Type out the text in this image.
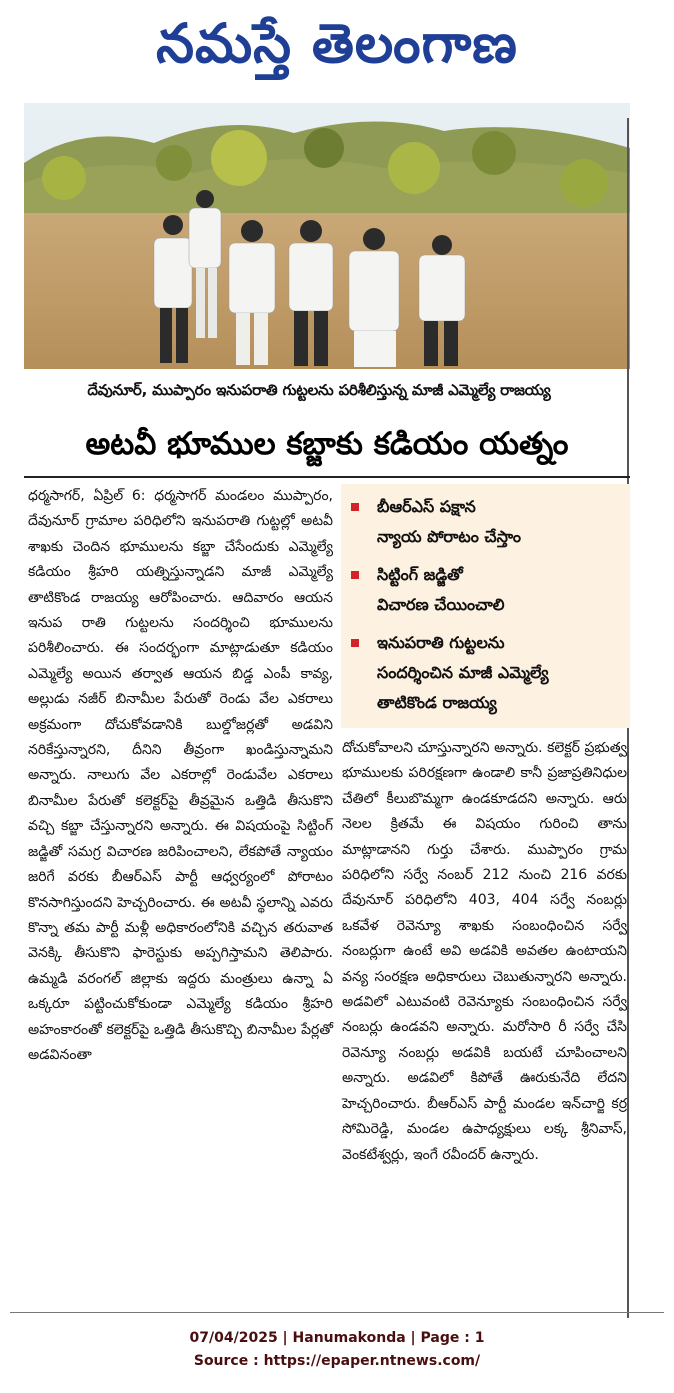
నమస్తే తెలంగాణ
దేవునూర్, ముప్పారం ఇనుపరాతి గుట్టలను పరిశీలిస్తున్న మాజీ ఎమ్మెల్యే రాజయ్య
అటవీ భూముల కబ్జాకు కడియం యత్నం
ధర్మసాగర్, ఏప్రిల్ 6: ధర్మసాగర్ మండలం ముప్పారం, దేవునూర్ గ్రామాల పరిధిలోని ఇనుపరాతి గుట్టల్లో అటవీ శాఖకు చెందిన భూములను కబ్జా చేసేందుకు ఎమ్మెల్యే కడియం శ్రీహరి యత్నిస్తున్నాడని మాజీ ఎమ్మెల్యే తాటికొండ రాజయ్య ఆరోపించారు. ఆదివారం ఆయన ఇనుప రాతి గుట్టలను సందర్శించి భూములను పరిశీలించారు. ఈ సందర్భంగా మాట్లాడుతూ కడియం ఎమ్మెల్యే అయిన తర్వాత ఆయన బిడ్డ ఎంపీ కావ్య, అల్లుడు నజీర్ బినామీల పేరుతో రెండు వేల ఎకరాలు అక్రమంగా దోచుకోవడానికి బుల్డోజర్లతో అడవిని నరికేస్తున్నారని, దీనిని తీవ్రంగా ఖండిస్తున్నామని అన్నారు. నాలుగు వేల ఎకరాల్లో రెండువేల ఎకరాలు బినామీల పేరుతో కలెక్టర్‌పై తీవ్రమైన ఒత్తిడి తీసుకొని వచ్చి కబ్జా చేస్తున్నారని అన్నారు. ఈ విషయంపై సిట్టింగ్ జడ్జితో సమగ్ర విచారణ జరిపించాలని, లేకపోతే న్యాయం జరిగే వరకు బీఆర్‌ఎస్ పార్టీ ఆధ్వర్యంలో పోరాటం కొనసాగిస్తుందని హెచ్చరించారు. ఈ అటవీ స్థలాన్ని ఎవరు కొన్నా తమ పార్టీ మళ్లీ అధికారంలోనికి వచ్చిన తరువాత వెనక్కి తీసుకొని ఫారెస్టుకు అప్పగిస్తామని తెలిపారు. ఉమ్మడి వరంగల్ జిల్లాకు ఇద్దరు మంత్రులు ఉన్నా ఏ ఒక్కరూ పట్టించుకోకుండా ఎమ్మెల్యే కడియం శ్రీహరి అహంకారంతో కలెక్టర్‌పై ఒత్తిడి తీసుకొచ్చి బినామీల పేర్లతో అడవినంతా
బీఆర్‌ఎస్ పక్షాన
న్యాయ పోరాటం చేస్తాం
సిట్టింగ్ జడ్జితో
విచారణ చేయించాలి
ఇనుపరాతి గుట్టలను
సందర్శించిన మాజీ ఎమ్మెల్యే
తాటికొండ రాజయ్య
దోచుకోవాలని చూస్తున్నారని అన్నారు. కలెక్టర్ ప్రభుత్వ భూములకు పరిరక్షణగా ఉండాలి కానీ ప్రజాప్రతినిధుల చేతిలో కీలుబొమ్మగా ఉండకూడదని అన్నారు. ఆరు నెలల క్రితమే ఈ విషయం గురించి తాను మాట్లాడానని గుర్తు చేశారు. ముప్పారం గ్రామ పరిధిలోని సర్వే నంబర్ 212 నుంచి 216 వరకు దేవునూర్ పరిధిలోని 403, 404 సర్వే నంబర్లు ఒకవేళ రెవెన్యూ శాఖకు సంబంధించిన సర్వే నంబర్లుగా ఉంటే అవి అడవికి అవతల ఉంటాయని వన్య సంరక్షణ అధికారులు చెబుతున్నారని అన్నారు. అడవిలో ఎటువంటి రెవెన్యూకు సంబంధించిన సర్వే నంబర్లు ఉండవని అన్నారు. మరోసారి రీ సర్వే చేసి రెవెన్యూ నంబర్లు అడవికి బయటే చూపించాలని అన్నారు. అడవిలో కిపోతే ఊరుకునేది లేదని హెచ్చరించారు. బీఆర్‌ఎస్ పార్టీ మండల ఇన్‌చార్జి కర్ర సోమిరెడ్డి, మండల ఉపాధ్యక్షులు లక్క శ్రీనివాస్, వెంకటేశ్వర్లు, ఇంగే రవీందర్ ఉన్నారు.
07/04/2025 | Hanumakonda | Page : 1
Source : https://epaper.ntnews.com/
